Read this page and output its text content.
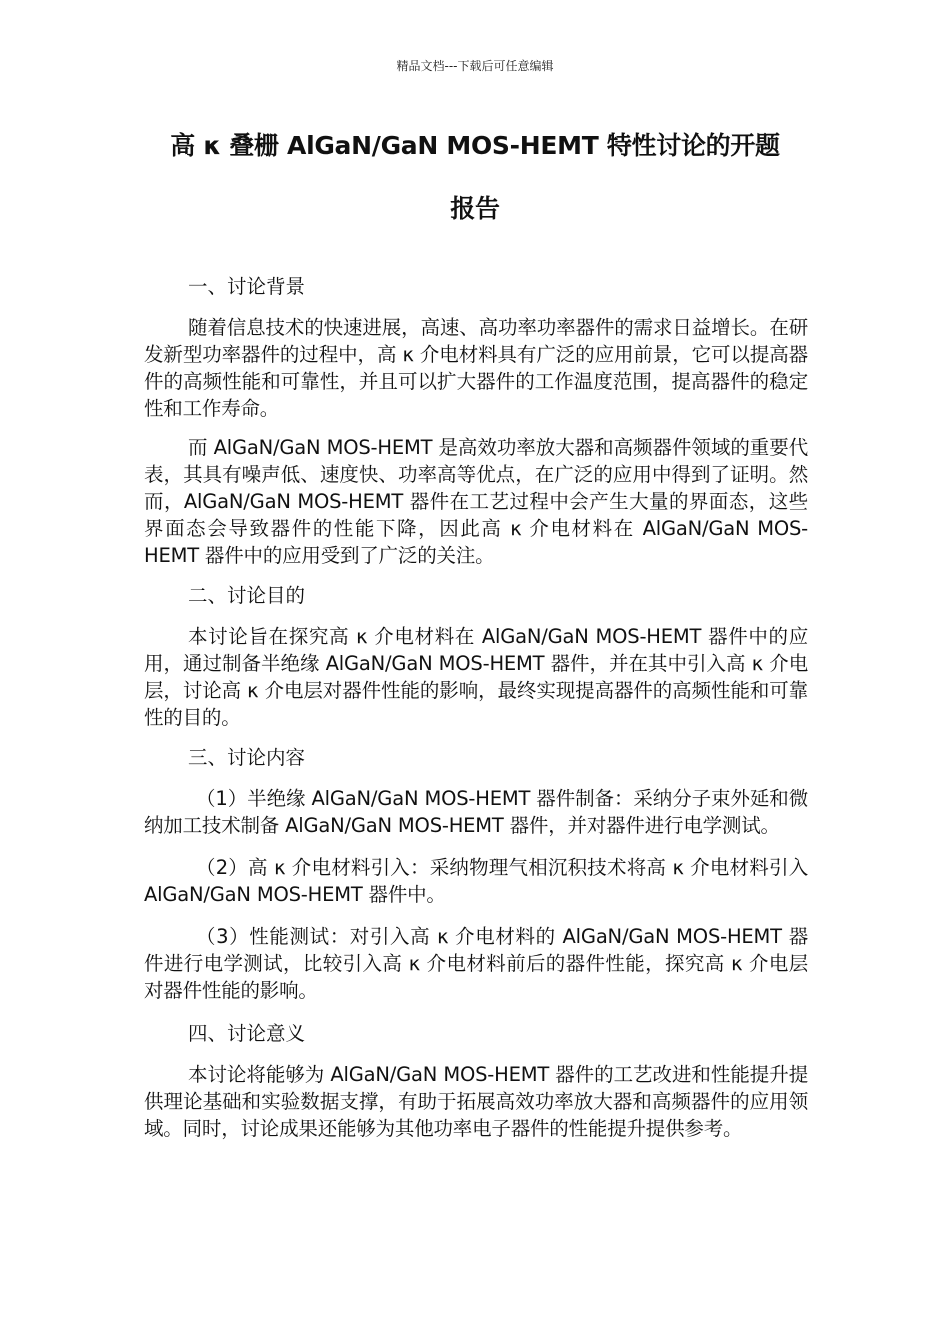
精品文档---下载后可任意编辑
高 κ 叠栅 AlGaN/GaN MOS-HEMT 特性讨论的开题
报告
一、讨论背景

随着信息技术的快速进展，高速、高功率功率器件的需求日益增长。在研发新型功率器件的过程中，高 κ 介电材料具有广泛的应用前景，它可以提高器件的高频性能和可靠性，并且可以扩大器件的工作温度范围，提高器件的稳定性和工作寿命。

而 AlGaN/GaN MOS-HEMT 是高效功率放大器和高频器件领域的重要代表，其具有噪声低、速度快、功率高等优点，在广泛的应用中得到了证明。然而，AlGaN/GaN MOS-HEMT 器件在工艺过程中会产生大量的界面态，这些界面态会导致器件的性能下降，因此高 κ 介电材料在 AlGaN/GaN MOS-HEMT 器件中的应用受到了广泛的关注。

二、讨论目的

本讨论旨在探究高 κ 介电材料在 AlGaN/GaN MOS-HEMT 器件中的应用，通过制备半绝缘 AlGaN/GaN MOS-HEMT 器件，并在其中引入高 κ 介电层，讨论高 κ 介电层对器件性能的影响，最终实现提高器件的高频性能和可靠性的目的。

三、讨论内容

（1）半绝缘 AlGaN/GaN MOS-HEMT 器件制备：采纳分子束外延和微纳加工技术制备 AlGaN/GaN MOS-HEMT 器件，并对器件进行电学测试。

（2）高 κ 介电材料引入：采纳物理气相沉积技术将高 κ 介电材料引入 AlGaN/GaN MOS-HEMT 器件中。

（3）性能测试：对引入高 κ 介电材料的 AlGaN/GaN MOS-HEMT 器件进行电学测试，比较引入高 κ 介电材料前后的器件性能，探究高 κ 介电层对器件性能的影响。

四、讨论意义

本讨论将能够为 AlGaN/GaN MOS-HEMT 器件的工艺改进和性能提升提供理论基础和实验数据支撑，有助于拓展高效功率放大器和高频器件的应用领域。同时，讨论成果还能够为其他功率电子器件的性能提升提供参考。
